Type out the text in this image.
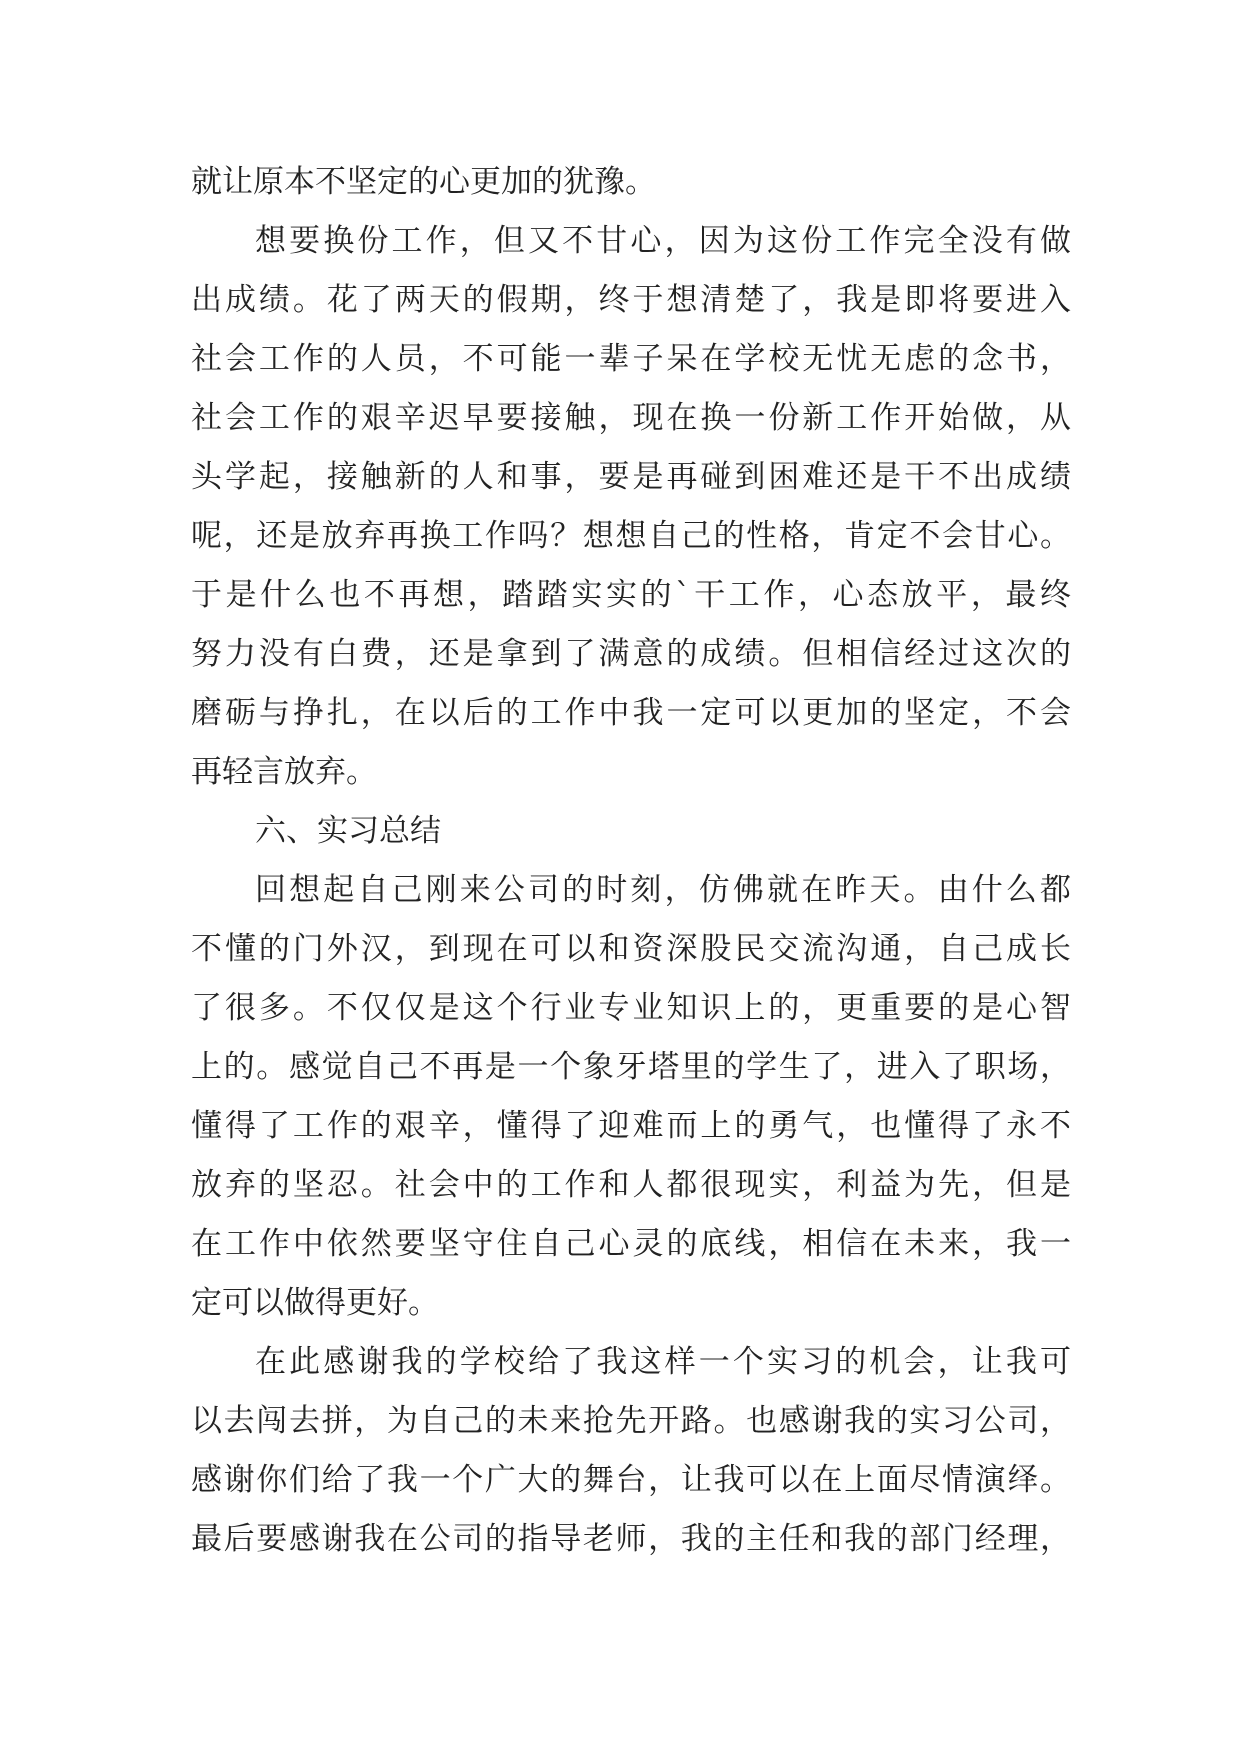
就让原本不坚定的心更加的犹豫。
想要换份工作，但又不甘心，因为这份工作完全没有做
出成绩。花了两天的假期，终于想清楚了，我是即将要进入
社会工作的人员，不可能一辈子呆在学校无忧无虑的念书，
社会工作的艰辛迟早要接触，现在换一份新工作开始做，从
头学起，接触新的人和事，要是再碰到困难还是干不出成绩
呢，还是放弃再换工作吗？想想自己的性格，肯定不会甘心。
于是什么也不再想，踏踏实实的`干工作，心态放平，最终
努力没有白费，还是拿到了满意的成绩。但相信经过这次的
磨砺与挣扎，在以后的工作中我一定可以更加的坚定，不会
再轻言放弃。
六、实习总结
回想起自己刚来公司的时刻，仿佛就在昨天。由什么都
不懂的门外汉，到现在可以和资深股民交流沟通，自己成长
了很多。不仅仅是这个行业专业知识上的，更重要的是心智
上的。感觉自己不再是一个象牙塔里的学生了，进入了职场，
懂得了工作的艰辛，懂得了迎难而上的勇气，也懂得了永不
放弃的坚忍。社会中的工作和人都很现实，利益为先，但是
在工作中依然要坚守住自己心灵的底线，相信在未来，我一
定可以做得更好。
在此感谢我的学校给了我这样一个实习的机会，让我可
以去闯去拼，为自己的未来抢先开路。也感谢我的实习公司，
感谢你们给了我一个广大的舞台，让我可以在上面尽情演绎。
最后要感谢我在公司的指导老师，我的主任和我的部门经理，
